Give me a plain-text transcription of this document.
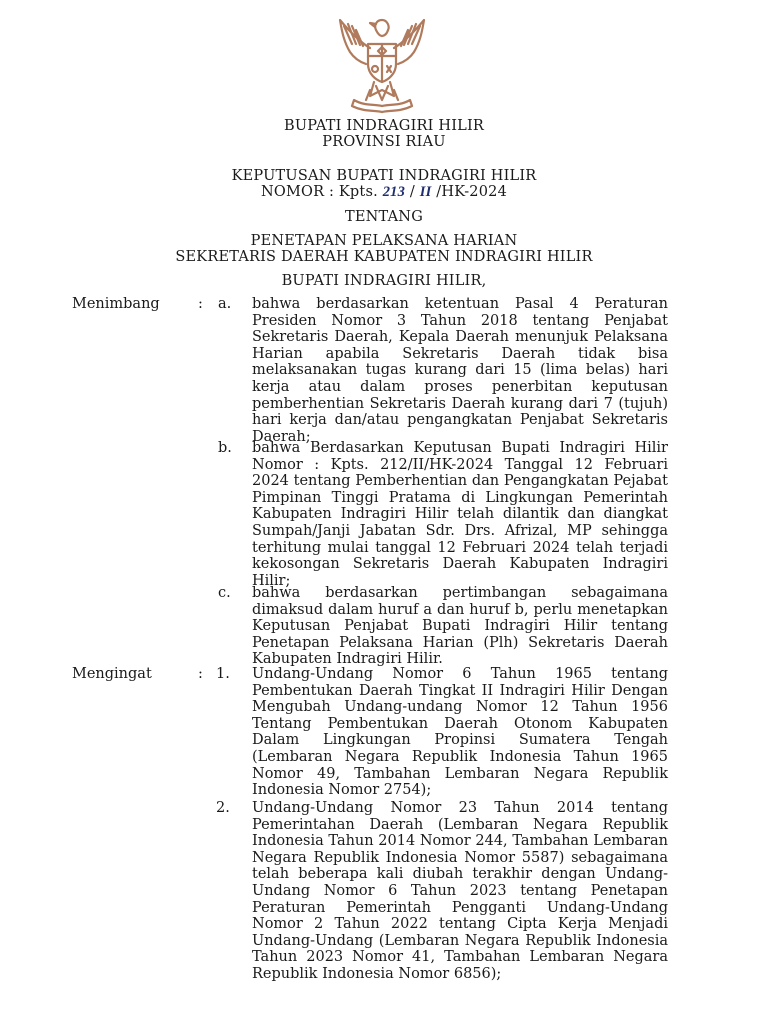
BUPATI INDRAGIRI HILIR
PROVINSI RIAU
KEPUTUSAN BUPATI INDRAGIRI HILIR
NOMOR : Kpts. 213 / II /HK-2024
TENTANG
PENETAPAN PELAKSANA HARIAN
SEKRETARIS DAERAH KABUPATEN INDRAGIRI HILIR
BUPATI INDRAGIRI HILIR,
Menimbang	: a. bahwa berdasarkan ketentuan Pasal 4 Peraturan Presiden Nomor 3 Tahun 2018 tentang Penjabat Sekretaris Daerah, Kepala Daerah menunjuk Pelaksana Harian apabila Sekretaris Daerah tidak bisa melaksanakan tugas kurang dari 15 (lima belas) hari kerja atau dalam proses penerbitan keputusan pemberhentian Sekretaris Daerah kurang dari 7 (tujuh) hari kerja dan/atau pengangkatan Penjabat Sekretaris Daerah;
b. bahwa Berdasarkan Keputusan Bupati Indragiri Hilir Nomor : Kpts. 212/II/HK-2024 Tanggal 12 Februari 2024 tentang Pemberhentian dan Pengangkatan Pejabat Pimpinan Tinggi Pratama di Lingkungan Pemerintah Kabupaten Indragiri Hilir telah dilantik dan diangkat Sumpah/Janji Jabatan Sdr. Drs. Afrizal, MP sehingga terhitung mulai tanggal 12 Februari 2024 telah terjadi kekosongan Sekretaris Daerah Kabupaten Indragiri Hilir;
c. bahwa berdasarkan pertimbangan sebagaimana dimaksud dalam huruf a dan huruf b, perlu menetapkan Keputusan Penjabat Bupati Indragiri Hilir tentang Penetapan Pelaksana Harian (Plh) Sekretaris Daerah Kabupaten Indragiri Hilir.
Mengingat	: 1. Undang-Undang Nomor 6 Tahun 1965 tentang Pembentukan Daerah Tingkat II Indragiri Hilir Dengan Mengubah Undang-undang Nomor 12 Tahun 1956 Tentang Pembentukan Daerah Otonom Kabupaten Dalam Lingkungan Propinsi Sumatera Tengah (Lembaran Negara Republik Indonesia Tahun 1965 Nomor 49, Tambahan Lembaran Negara Republik Indonesia Nomor 2754);
2. Undang-Undang Nomor 23 Tahun 2014 tentang Pemerintahan Daerah (Lembaran Negara Republik Indonesia Tahun 2014 Nomor 244, Tambahan Lembaran Negara Republik Indonesia Nomor 5587) sebagaimana telah beberapa kali diubah terakhir dengan Undang-Undang Nomor 6 Tahun 2023 tentang Penetapan Peraturan Pemerintah Pengganti Undang-Undang Nomor 2 Tahun 2022 tentang Cipta Kerja Menjadi Undang-Undang (Lembaran Negara Republik Indonesia Tahun 2023 Nomor 41, Tambahan Lembaran Negara Republik Indonesia Nomor 6856);
